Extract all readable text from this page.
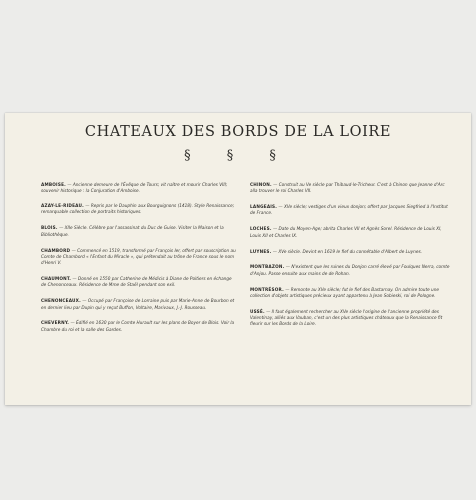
CHATEAUX DES BORDS DE LA LOIRE
§ § §
AMBOISE. — Ancienne demeure de l'Évêque de Tours; vit naître et mourir Charles VIII; souvenir historique : la Conjuration d'Amboise.
AZAY-LE-RIDEAU. — Repris par le Dauphin aux Bourguignons (1418). Style Renaissance; remarquable collection de portraits historiques.
BLOIS. — XIIe Siècle. Célèbre par l'assassinat du Duc de Guise. Visiter la Maison et la Bibliothèque.
CHAMBORD — Commencé en 1519, transformé par François Ier, offert par souscription au Comte de Chambord « l'Enfant du Miracle », qui prétendait au trône de France sous le nom d'Henri V.
CHAUMONT. — Donné en 1550 par Catherine de Médicis à Diane de Poitiers en échange de Chenonceaux. Résidence de Mme de Staël pendant son exil.
CHENONCEAUX. — Occupé par Françoise de Lorraine puis par Marie-Anne de Bourbon et en dernier lieu par Dupin qui y reçut Buffon, Voltaire, Marivaux, J.-J. Rousseau.
CHEVERNY. — Édifié en 1630 par le Comte Hurault sur les plans de Boyer de Blois. Voir la Chambre du roi et la salle des Gardes.
CHINON. — Construit au Ve siècle par Thibaud-le-Tricheur. C'est à Chinon que Jeanne d'Arc alla trouver le roi Charles VII.
LANGEAIS. — XVe siècle; vestiges d'un vieux donjon; offert par Jacques Siegfried à l'Institut de France.
LOCHES. — Date du Moyen-Age; abrita Charles VII et Agnès Sorel. Résidence de Louis XI, Louis XII et Charles IX.
LUYNES. — XVe siècle. Devint en 1619 le fief du connétable d'Albert de Luynes.
MONTBAZON. — N'existent que les ruines du Donjon carré élevé par Foulques Nerra, comte d'Anjou. Passe ensuite aux mains de de Rohan.
MONTRÉSOR. — Remonte au XVe siècle; fut le fief des Bastarnay. On admire toute une collection d'objets artistiques précieux ayant appartenu à Jean Sobieski, roi de Pologne.
USSÉ. — Il faut également rechercher au XVe siècle l'origine de l'ancienne propriété des Valentinay, alliés aux Vauban, c'est un des plus artistiques châteaux que la Renaissance fit fleurir sur les Bords de la Loire.
